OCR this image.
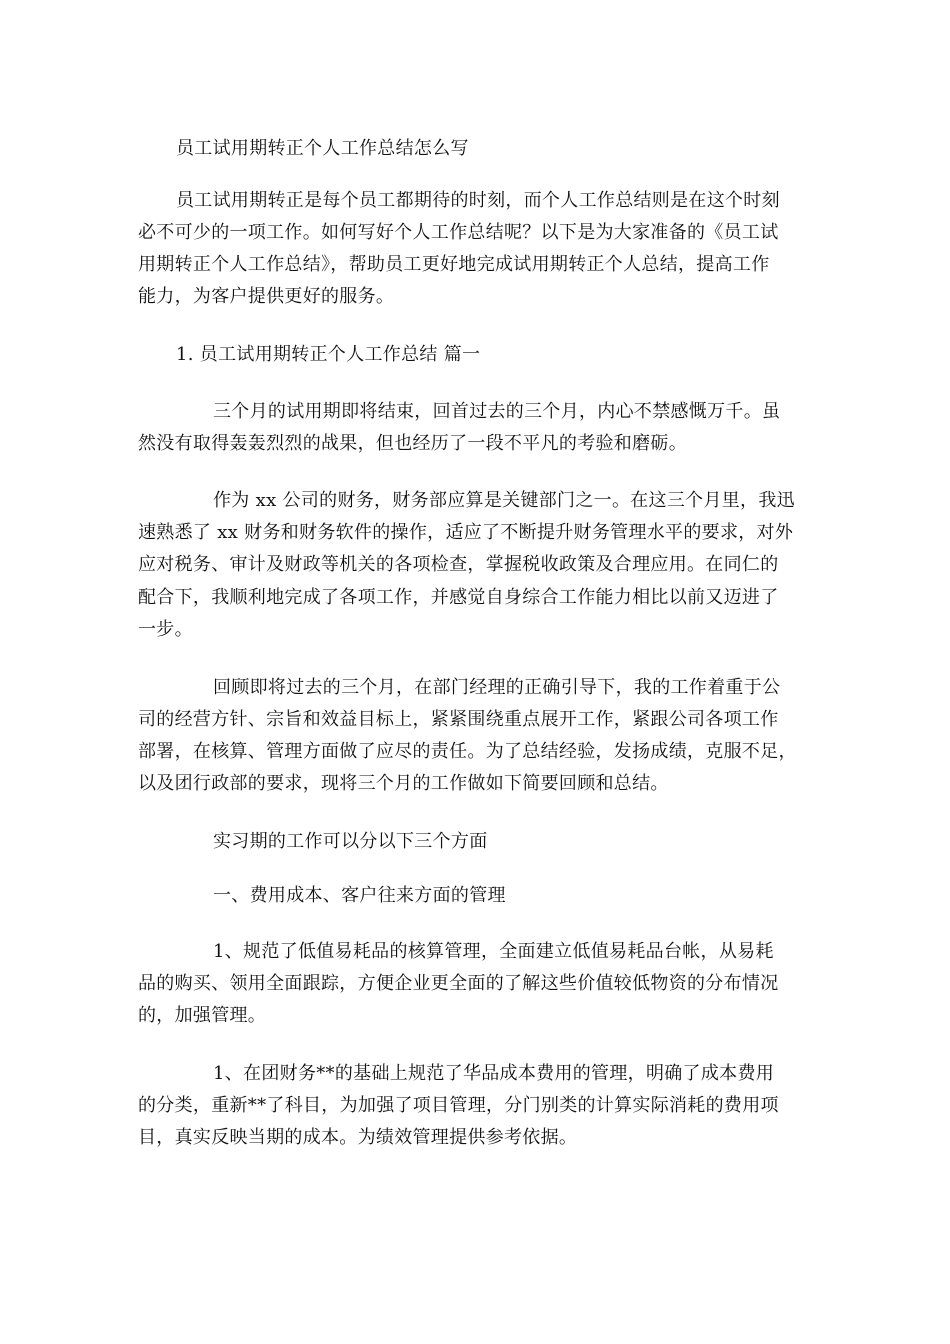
员工试用期转正个人工作总结怎么写
员工试用期转正是每个员工都期待的时刻，而个人工作总结则是在这个时刻
必不可少的一项工作。如何写好个人工作总结呢？以下是为大家准备的《员工试
用期转正个人工作总结》，帮助员工更好地完成试用期转正个人总结，提高工作
能力，为客户提供更好的服务。
1. 员工试用期转正个人工作总结 篇一
三个月的试用期即将结束，回首过去的三个月，内心不禁感慨万千。虽
然没有取得轰轰烈烈的战果，但也经历了一段不平凡的考验和磨砺。
作为 xx 公司的财务，财务部应算是关键部门之一。在这三个月里，我迅
速熟悉了 xx 财务和财务软件的操作，适应了不断提升财务管理水平的要求，对外
应对税务、审计及财政等机关的各项检查，掌握税收政策及合理应用。在同仁的
配合下，我顺利地完成了各项工作，并感觉自身综合工作能力相比以前又迈进了
一步。
回顾即将过去的三个月，在部门经理的正确引导下，我的工作着重于公
司的经营方针、宗旨和效益目标上，紧紧围绕重点展开工作，紧跟公司各项工作
部署，在核算、管理方面做了应尽的责任。为了总结经验，发扬成绩，克服不足，
以及团行政部的要求，现将三个月的工作做如下简要回顾和总结。
实习期的工作可以分以下三个方面
一、费用成本、客户往来方面的管理
1、规范了低值易耗品的核算管理，全面建立低值易耗品台帐，从易耗
品的购买、领用全面跟踪，方便企业更全面的了解这些价值较低物资的分布情况
的，加强管理。
1、在团财务**的基础上规范了华品成本费用的管理，明确了成本费用
的分类，重新**了科目，为加强了项目管理，分门别类的计算实际消耗的费用项
目，真实反映当期的成本。为绩效管理提供参考依据。
